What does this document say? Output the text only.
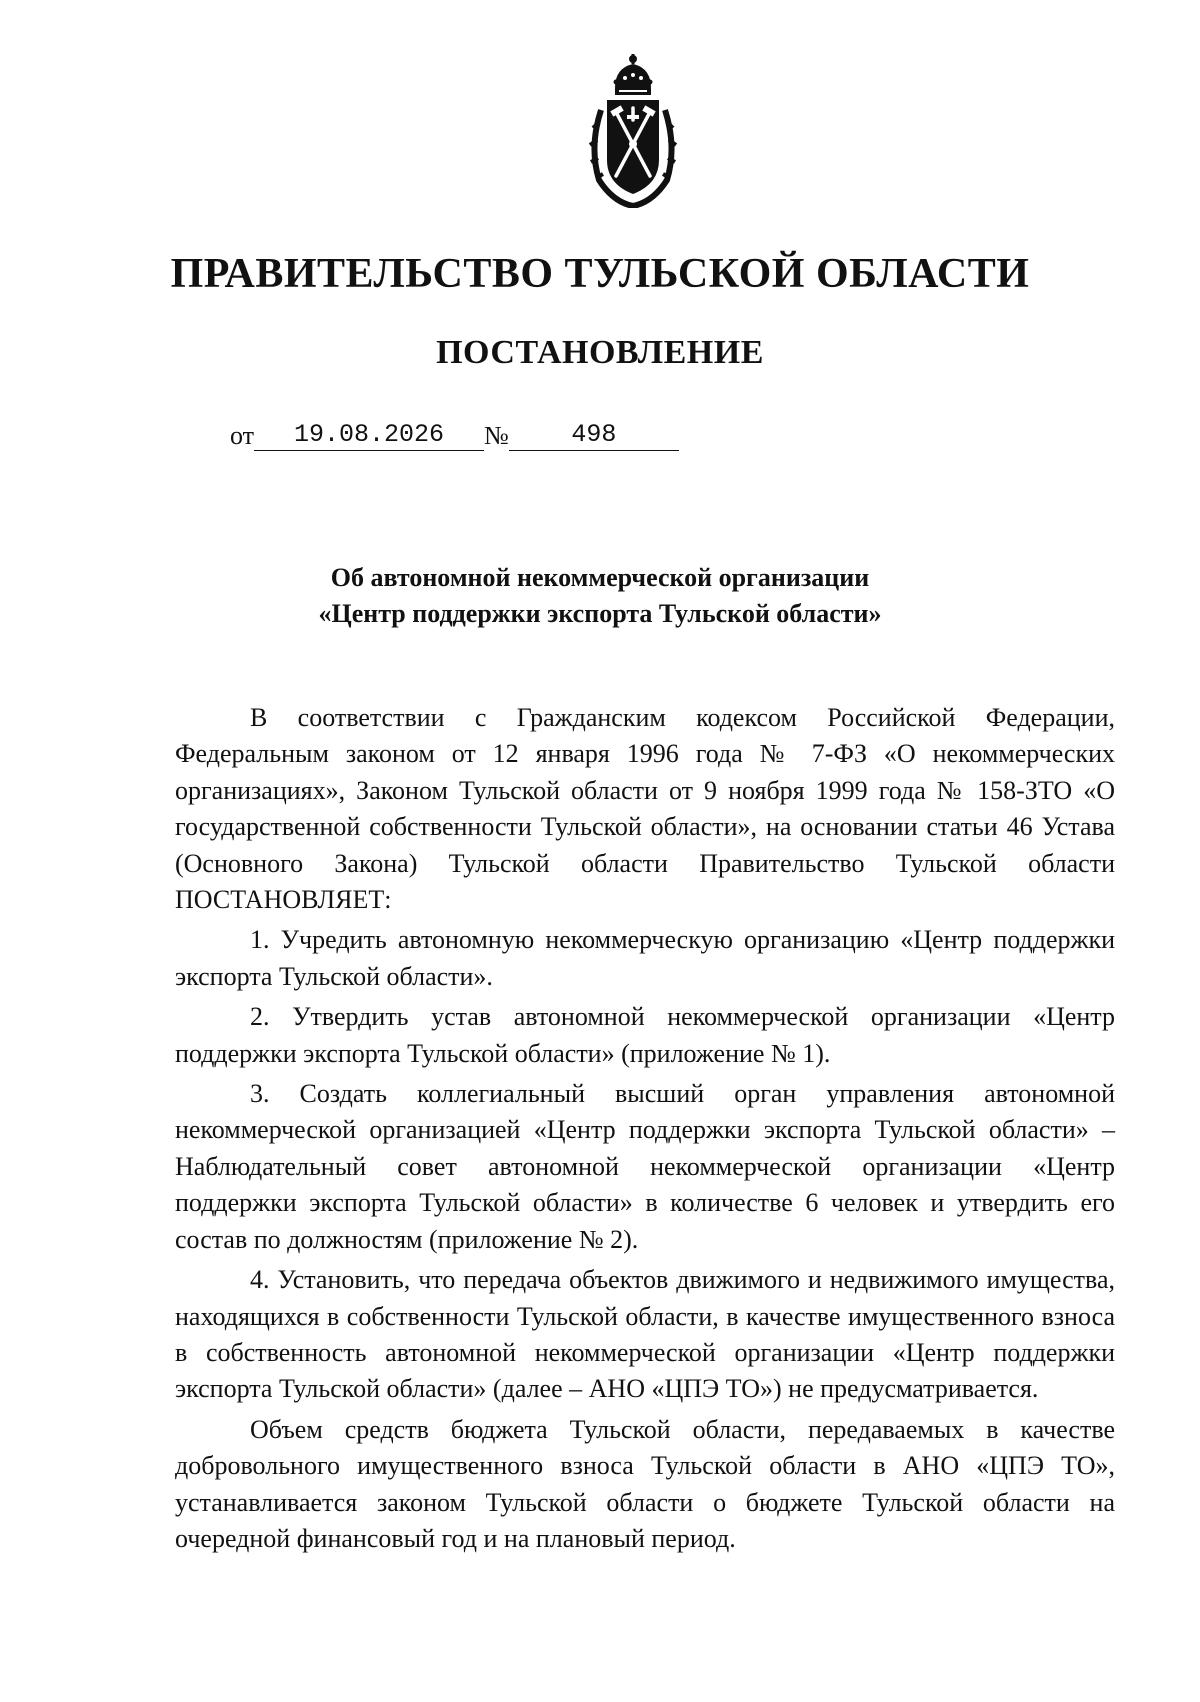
ПРАВИТЕЛЬСТВО ТУЛЬСКОЙ ОБЛАСТИ
ПОСТАНОВЛЕНИЕ
от	19.08.2026	№	498
Об автономной некоммерческой организации
«Центр поддержки экспорта Тульской области»

В соответствии с Гражданским кодексом Российской Федерации, Федеральным законом от 12 января 1996 года № 7-ФЗ «О некоммерческих организациях», Законом Тульской области от 9 ноября 1999 года № 158-ЗТО «О государственной собственности Тульской области», на основании статьи 46 Устава (Основного Закона) Тульской области Правительство Тульской области ПОСТАНОВЛЯЕТ:

1. Учредить автономную некоммерческую организацию «Центр поддержки экспорта Тульской области».

2. Утвердить устав автономной некоммерческой организации «Центр поддержки экспорта Тульской области» (приложение № 1).

3. Создать коллегиальный высший орган управления автономной некоммерческой организацией «Центр поддержки экспорта Тульской области» – Наблюдательный совет автономной некоммерческой организации «Центр поддержки экспорта Тульской области» в количестве 6 человек и утвердить его состав по должностям (приложение № 2).

4. Установить, что передача объектов движимого и недвижимого имущества, находящихся в собственности Тульской области, в качестве имущественного взноса в собственность автономной некоммерческой организации «Центр поддержки экспорта Тульской области» (далее – АНО «ЦПЭ ТО») не предусматривается.

Объем средств бюджета Тульской области, передаваемых в качестве добровольного имущественного взноса Тульской области в АНО «ЦПЭ ТО», устанавливается законом Тульской области о бюджете Тульской области на очередной финансовый год и на плановый период.
